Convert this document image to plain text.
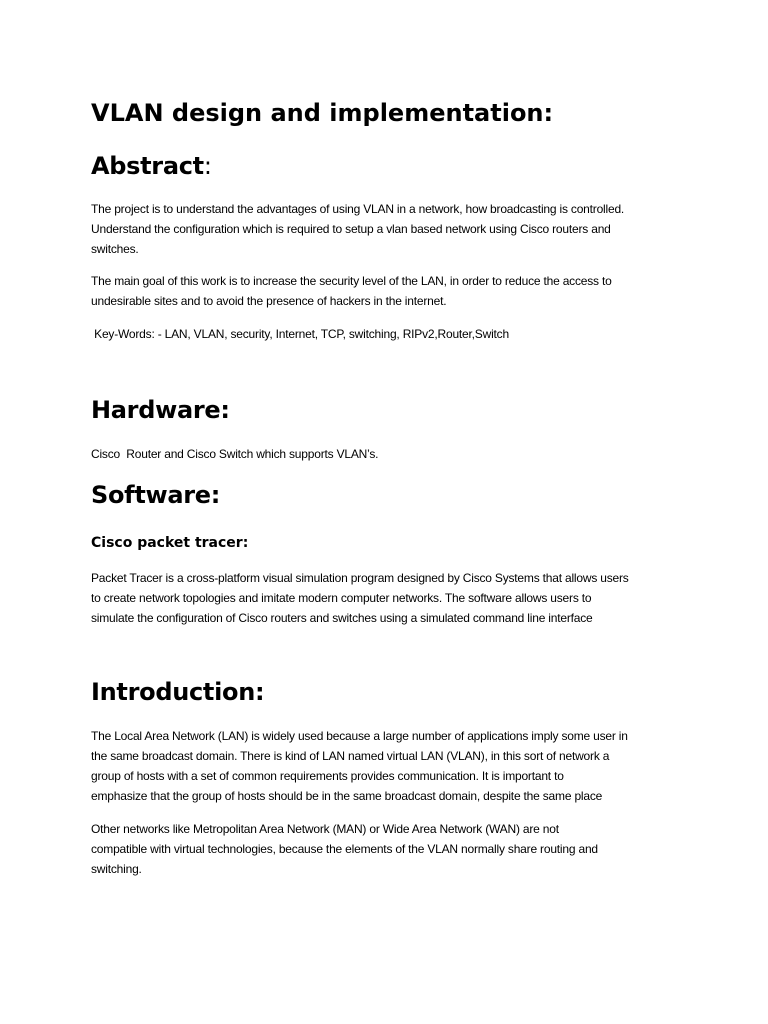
VLAN design and implementation:
Abstract:
The project is to understand the advantages of using VLAN in a network, how broadcasting is controlled.
Understand the configuration which is required to setup a vlan based network using Cisco routers and
switches.
The main goal of this work is to increase the security level of the LAN, in order to reduce the access to
undesirable sites and to avoid the presence of hackers in the internet.
Key-Words: - LAN, VLAN, security, Internet, TCP, switching, RIPv2,Router,Switch
Hardware:
Cisco  Router and Cisco Switch which supports VLAN’s.
Software:
Cisco packet tracer:
Packet Tracer is a cross-platform visual simulation program designed by Cisco Systems that allows users
to create network topologies and imitate modern computer networks. The software allows users to
simulate the configuration of Cisco routers and switches using a simulated command line interface
Introduction:
The Local Area Network (LAN) is widely used because a large number of applications imply some user in
the same broadcast domain. There is kind of LAN named virtual LAN (VLAN), in this sort of network a
group of hosts with a set of common requirements provides communication. It is important to
emphasize that the group of hosts should be in the same broadcast domain, despite the same place
Other networks like Metropolitan Area Network (MAN) or Wide Area Network (WAN) are not
compatible with virtual technologies, because the elements of the VLAN normally share routing and
switching.
